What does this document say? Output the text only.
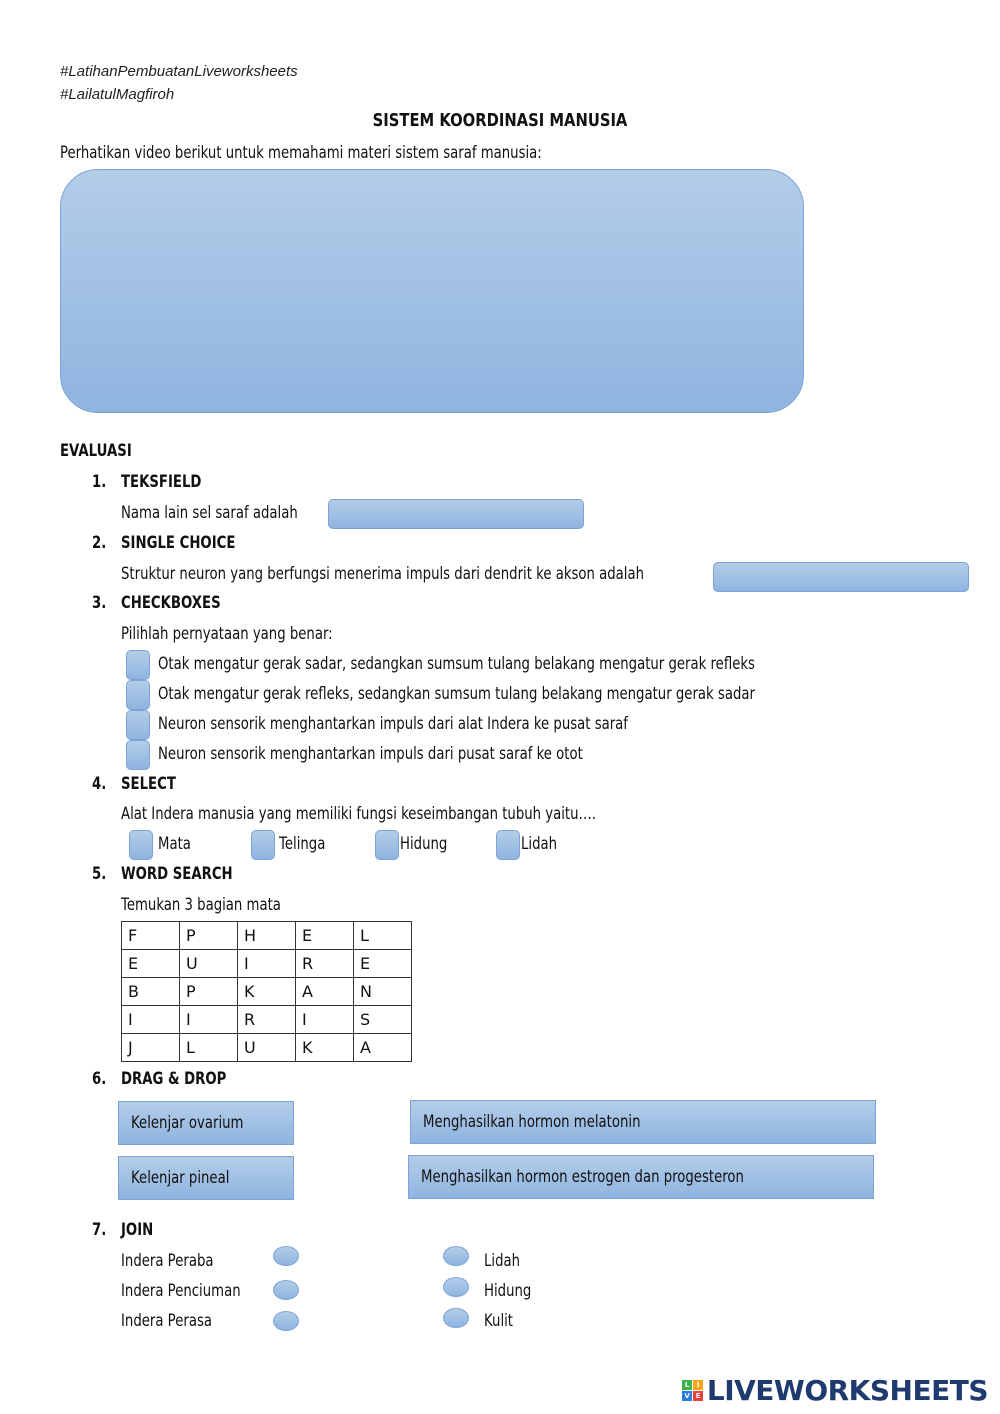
#LatihanPembuatanLiveworksheets
#LailatulMagfiroh
SISTEM KOORDINASI MANUSIA
Perhatikan video berikut untuk memahami materi sistem saraf manusia:
EVALUASI
1. TEKSFIELD
Nama lain sel saraf adalah
2. SINGLE CHOICE
Struktur neuron yang berfungsi menerima impuls dari dendrit ke akson adalah
3. CHECKBOXES
Pilihlah pernyataan yang benar:
Otak mengatur gerak sadar, sedangkan sumsum tulang belakang mengatur gerak refleks
Otak mengatur gerak refleks, sedangkan sumsum tulang belakang mengatur gerak sadar
Neuron sensorik menghantarkan impuls dari alat Indera ke pusat saraf
Neuron sensorik menghantarkan impuls dari pusat saraf ke otot
4. SELECT
Alat Indera manusia yang memiliki fungsi keseimbangan tubuh yaitu….
Mata	Telinga	Hidung	Lidah
5. WORD SEARCH
Temukan 3 bagian mata
F	P	H	E	L
E	U	I	R	E
B	P	K	A	N
I	I	R	I	S
J	L	U	K	A
6. DRAG & DROP
Kelenjar ovarium
Kelenjar pineal
Menghasilkan hormon melatonin
Menghasilkan hormon estrogen dan progesteron
7. JOIN
Indera Peraba
Indera Penciuman
Indera Perasa
Lidah
Hidung
Kulit
L	I
V E LIVEWORKSHEETS
